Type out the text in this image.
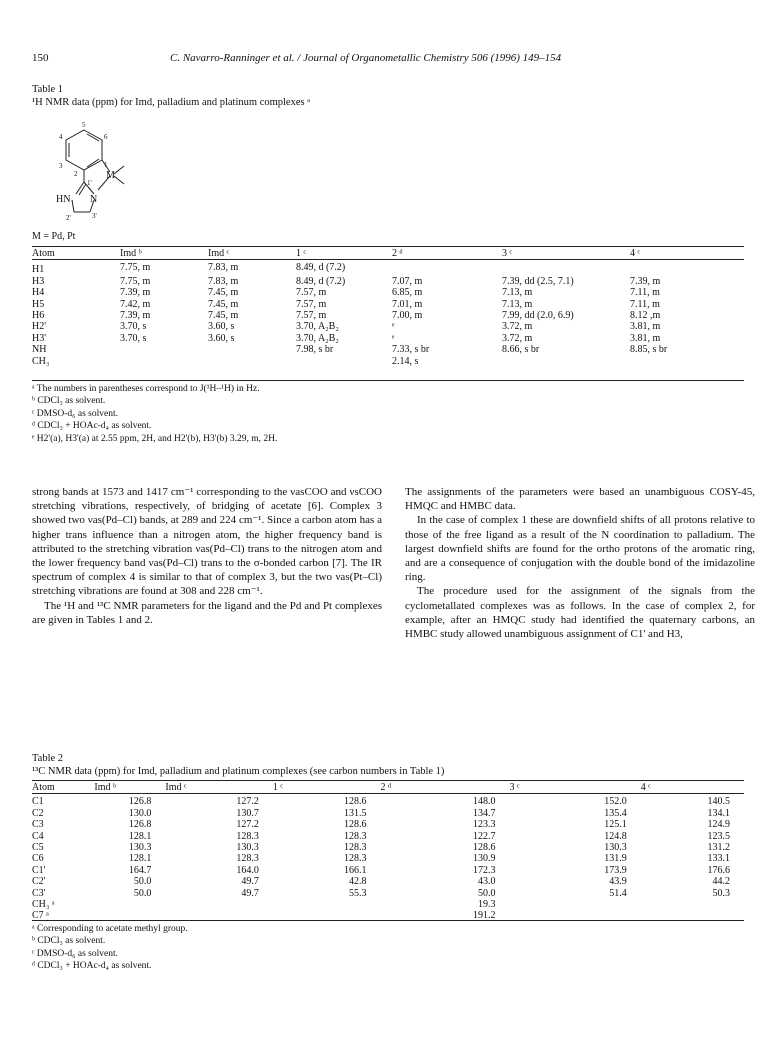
150	C. Navarro-Ranninger et al. / Journal of Organometallic Chemistry 506 (1996) 149–154
Table 1
¹H NMR data (ppm) for Imd, palladium and platinum complexes ᵃ
5
4	6
3
2
1
1'
M
HN N
2'	3'
M = Pd, Pt
Atom	Imd ᵇ	Imd ᶜ	1 ᶜ	2 ᵈ	3 ᶜ	4 ᶜ
H1	7.75, m	7.83, m	8.49, d (7.2)			
H3	7.75, m	7.83, m	8.49, d (7.2)	7.07, m	7.39, dd (2.5, 7.1)	7.39, m
H4	7.39, m	7.45, m	7.57, m	6.85, m	7.13, m	7.11, m
H5	7.42, m	7.45, m	7.57, m	7.01, m	7.13, m	7.11, m
H6	7.39, m	7.45, m	7.57, m	7.00, m	7.99, dd (2.0, 6.9)	8.12 ,m
H2'	3.70, s	3.60, s	3.70, A₂B₂	ᵉ	3.72, m	3.81, m
H3'	3.70, s	3.60, s	3.70, A₂B₂	ᵉ	3.72, m	3.81, m
NH			7.98, s br	7.33, s br	8.66, s br	8.85, s br
CH₃				2.14, s		
ᵃ The numbers in parentheses correspond to J(¹H–¹H) in Hz.
ᵇ CDCl₃ as solvent.
ᶜ DMSO-d₆ as solvent.
ᵈ CDCl₃ + HOAc-d₄ as solvent.
ᵉ H2'(a), H3'(a) at 2.55 ppm, 2H, and H2'(b), H3'(b) 3.29, m, 2H.

strong bands at 1573 and 1417 cm⁻¹ corresponding to the νasCOO and νsCOO stretching vibrations, respectively, of bridging of acetate [6]. Complex 3 showed two νas(Pd–Cl) bands, at 289 and 224 cm⁻¹. Since a carbon atom has a higher trans influence than a nitrogen atom, the higher frequency band is attributed to the stretching vibration νas(Pd–Cl) trans to the nitrogen atom and the lower frequency band νas(Pd–Cl) trans to the σ-bonded carbon [7]. The IR spectrum of complex 4 is similar to that of complex 3, but the two νas(Pt–Cl) stretching vibrations are found at 308 and 228 cm⁻¹.

The ¹H and ¹³C NMR parameters for the ligand and the Pd and Pt complexes are given in Tables 1 and 2.

The assignments of the parameters were based an unambiguous COSY-45, HMQC and HMBC data.

In the case of complex 1 these are downfield shifts of all protons relative to those of the free ligand as a result of the N coordination to palladium. The largest downfield shifts are found for the ortho protons of the aromatic ring, and are a consequence of conjugation with the double bond of the imidazoline ring.

The procedure used for the assignment of the signals from the cyclometallated complexes was as follows. In the case of complex 2, for example, after an HMQC study had identified the quaternary carbons, an HMBC study allowed unambiguous assignment of C1' and H3,

Table 2
¹³C NMR data (ppm) for Imd, palladium and platinum complexes (see carbon numbers in Table 1)
Atom	Imd ᵇ	Imd ᶜ	1 ᶜ	2 ᵈ	3 ᶜ	4 ᶜ
C1	126.8	127.2	128.6	148.0	152.0	140.5
C2	130.0	130.7	131.5	134.7	135.4	134.1
C3	126.8	127.2	128.6	123.3	125.1	124.9
C4	128.1	128.3	128.3	122.7	124.8	123.5
C5	130.3	130.3	128.3	128.6	130.3	131.2
C6	128.1	128.3	128.3	130.9	131.9	133.1
C1'	164.7	164.0	166.1	172.3	173.9	176.6
C2'	50.0	49.7	42.8	43.0	43.9	44.2
C3'	50.0	49.7	55.3	50.0	51.4	50.3
CH₃ ᵃ				19.3		
C7 ᵃ				191.2		
ᵃ Corresponding to acetate methyl group.
ᵇ CDCl₃ as solvent.
ᶜ DMSO-d₆ as solvent.
ᵈ CDCl₃ + HOAc-d₄ as solvent.
